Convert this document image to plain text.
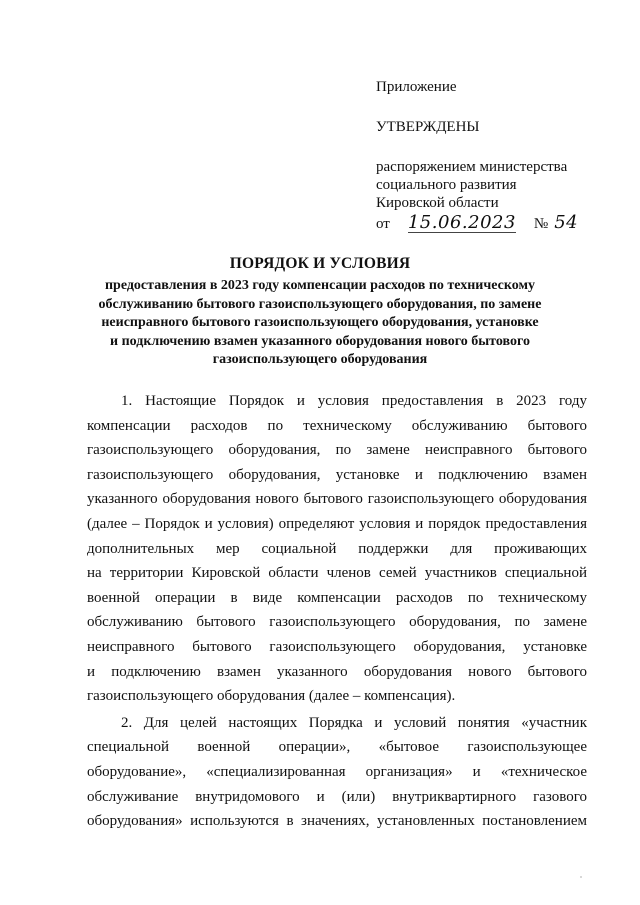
Приложение
УТВЕРЖДЕНЫ
распоряжением министерства
социального развития
Кировской области
от 15.06.2023 № 54
ПОРЯДОК И УСЛОВИЯ
предоставления в 2023 году компенсации расходов по техническому
обслуживанию бытового газоиспользующего оборудования, по замене
неисправного бытового газоиспользующего оборудования, установке
и подключению взамен указанного оборудования нового бытового
газоиспользующего оборудования
1. Настоящие Порядок и условия предоставления в 2023 году
компенсации расходов по техническому обслуживанию бытового
газоиспользующего оборудования, по замене неисправного бытового
газоиспользующего оборудования, установке и подключению взамен
указанного оборудования нового бытового газоиспользующего оборудования
(далее – Порядок и условия) определяют условия и порядок предоставления
дополнительных мер социальной поддержки для проживающих
на территории Кировской области членов семей участников специальной
военной операции в виде компенсации расходов по техническому
обслуживанию бытового газоиспользующего оборудования, по замене
неисправного бытового газоиспользующего оборудования, установке
и подключению взамен указанного оборудования нового бытового
газоиспользующего оборудования (далее – компенсация).
2. Для целей настоящих Порядка и условий понятия «участник
специальной военной операции», «бытовое газоиспользующее
оборудование», «специализированная организация» и «техническое
обслуживание внутридомового и (или) внутриквартирного газового
оборудования» используются в значениях, установленных постановлением
